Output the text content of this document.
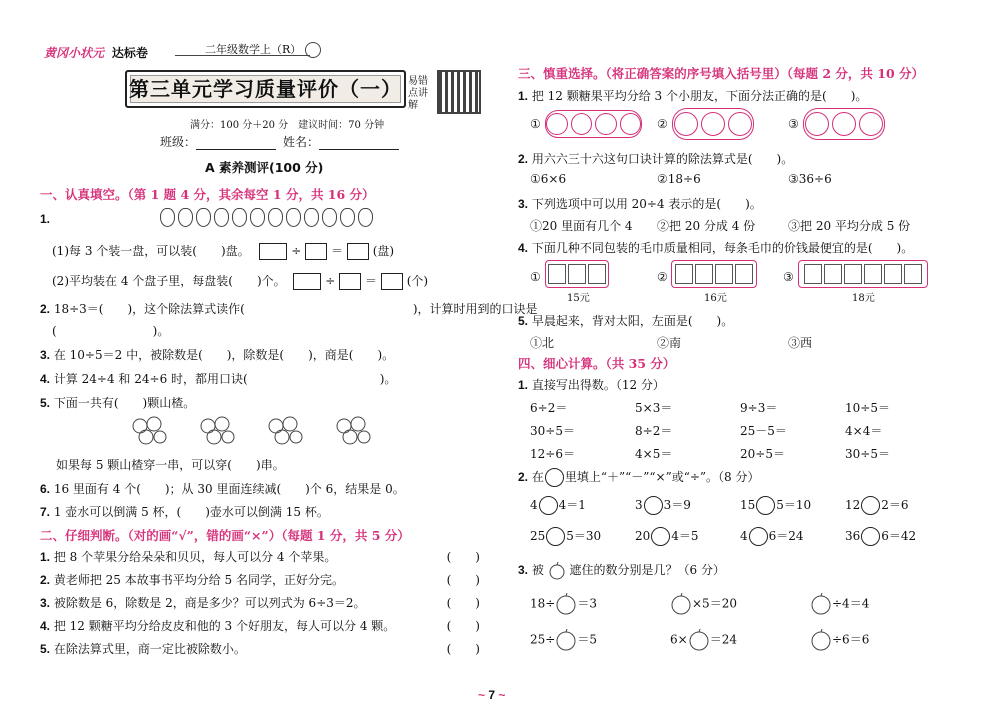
黄冈小状元 达标卷	二年级数学上（R）
第三单元学习质量评价（一） 易错点讲解
满分：100 分＋20 分　建议时间：70 分钟
班级：	姓名：
A 素养测评(100 分)
一、认真填空。（第 1 题 4 分，其余每空 1 分，共 16 分）
1.
(1)每 3 个装一盘，可以装(　　)盘。	÷ ＝ (盘)
(2)平均装在 4 个盘子里，每盘装(　　)个。	÷ ＝ (个)
2. 18÷3＝(　　)，这个除法算式读作(　　　　　　　　　　　　　　)，计算时用到的口诀是
(　　　　　　　　)。
3. 在 10÷5＝2 中，被除数是(　　)，除数是(　　)，商是(　　)。
4. 计算 24÷4 和 24÷6 时，都用口诀(　　　　　　　　　　　)。
5. 下面一共有(　　)颗山楂。
如果每 5 颗山楂穿一串，可以穿(　　)串。
6. 16 里面有 4 个(　　)；从 30 里面连续减(　　)个 6，结果是 0。
7. 1 壶水可以倒满 5 杯，(　　)壶水可以倒满 15 杯。
二、仔细判断。（对的画“√”，错的画“×”）（每题 1 分，共 5 分）
1. 把 8 个苹果分给朵朵和贝贝，每人可以分 4 个苹果。	(　　)
2. 黄老师把 25 本故事书平均分给 5 名同学，正好分完。	(　　)
3. 被除数是 6，除数是 2，商是多少？可以列式为 6÷3＝2。	(　　)
4. 把 12 颗糖平均分给皮皮和他的 3 个好朋友，每人可以分 4 颗。	(　　)
5. 在除法算式里，商一定比被除数小。	(　　)
三、慎重选择。（将正确答案的序号填入括号里）（每题 2 分，共 10 分）
1. 把 12 颗糖果平均分给 3 个小朋友，下面分法正确的是(　　)。
①	②	③
2. 用六六三十六这句口诀计算的除法算式是(　　)。
①6×6	②18÷6	③36÷6
3. 下列选项中可以用 20÷4 表示的是(　　)。
①20 里面有几个 4 ②把 20 分成 4 份	③把 20 平均分成 5 份
4. 下面几种不同包装的毛巾质量相同，每条毛巾的价钱最便宜的是(　　)。
①
15元
②
16元
③
18元
5. 早晨起来，背对太阳，左面是(　　)。
①北	②南	③西
四、细心计算。（共 35 分）
1. 直接写出得数。（12 分）
6÷2＝	5×3＝	9÷3＝	10÷5＝
30÷5＝	8÷2＝	25－5＝	4×4＝
12÷6＝	4×5＝	20÷5＝	30÷5＝
2. 在 里填上“＋”“－”“×”或“÷”。（8 分）
4 4＝1	3 3＝9	15 5＝10	12 2＝6
25 5＝30	20 4＝5	4 6＝24	36 6＝42
3. 被 遮住的数分别是几？（6 分）
18÷ ＝3	×5＝20	÷4＝4
25÷ ＝5	6× ＝24	÷6＝6
~ 7 ~
